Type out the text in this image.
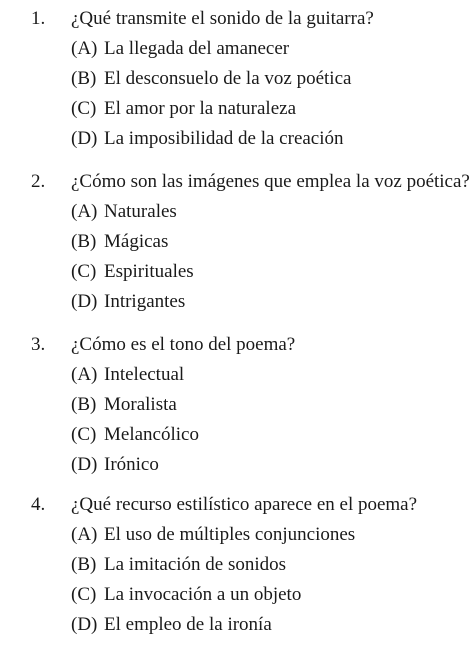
1. ¿Qué transmite el sonido de la guitarra?
(A) La llegada del amanecer
(B) El desconsuelo de la voz poética
(C) El amor por la naturaleza
(D) La imposibilidad de la creación
2. ¿Cómo son las imágenes que emplea la voz poética?
(A) Naturales
(B) Mágicas
(C) Espirituales
(D) Intrigantes
3. ¿Cómo es el tono del poema?
(A) Intelectual
(B) Moralista
(C) Melancólico
(D) Irónico
4. ¿Qué recurso estilístico aparece en el poema?
(A) El uso de múltiples conjunciones
(B) La imitación de sonidos
(C) La invocación a un objeto
(D) El empleo de la ironía
